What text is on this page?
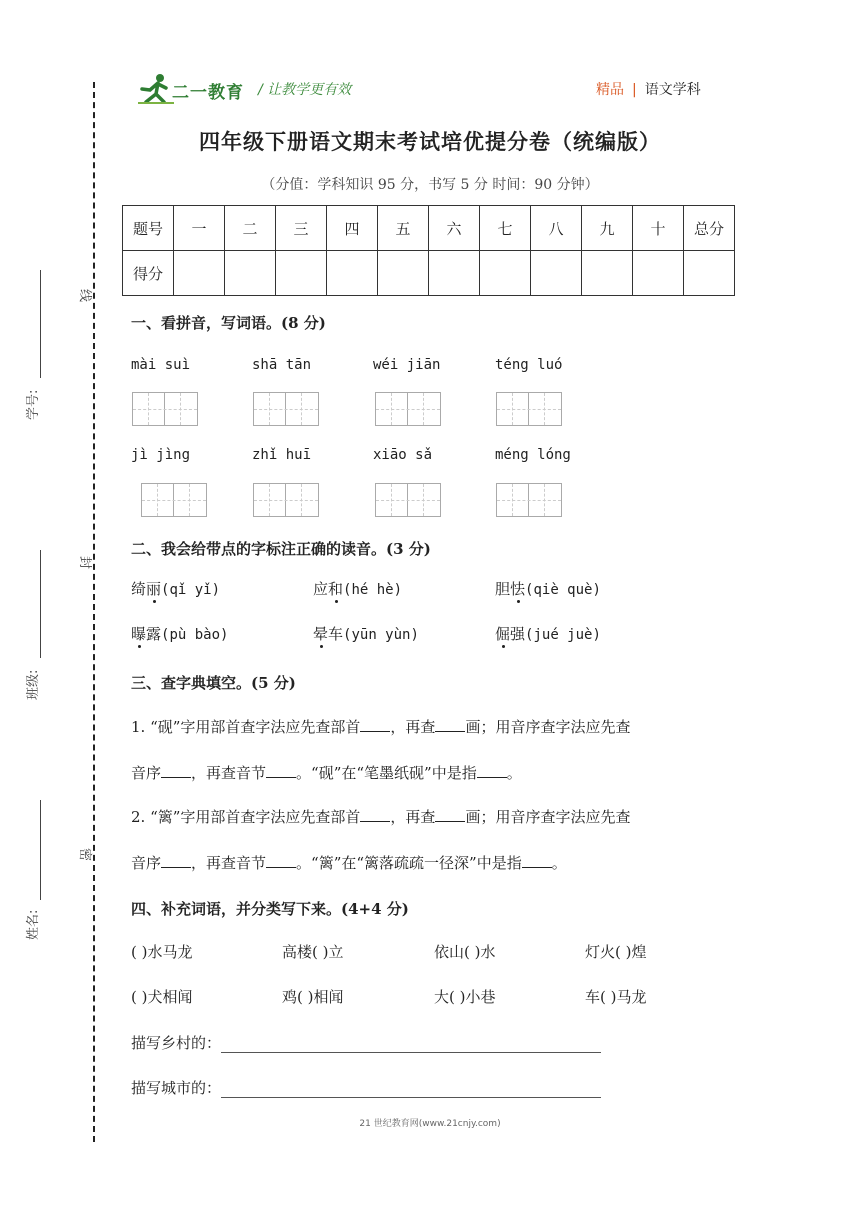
线
封
密
学号:
班级:
姓名:
二一教育 / 让教学更有效	精品 | 语文学科
四年级下册语文期末考试培优提分卷（统编版）
（分值：学科知识 95 分，书写 5 分 时间：90 分钟）
题号	一	二	三	四	五	六	七	八	九	十	总分
得分											
一、看拼音，写词语。(8 分)
mài suì	shā tān	wéi jiān	téng luó
jì jìng	zhǐ huī	xiāo sǎ	méng lóng
二、我会给带点的字标注正确的读音。(3 分)
绮丽(qǐ yǐ)	应和(hé hè)	胆怯(qiè què)
曝露(pù bào)	晕车(yūn yùn)	倔强(jué juè)
三、查字典填空。(5 分)
1. “砚”字用部首查字法应先查部首 ，再查 画；用音序查字法应先查
音序 ，再查音节 。“砚”在“笔墨纸砚”中是指 。
2. “篱”字用部首查字法应先查部首 ，再查 画；用音序查字法应先查
音序 ，再查音节 。“篱”在“篱落疏疏一径深”中是指 。
四、补充词语，并分类写下来。(4+4 分)
( )水马龙	高楼( )立	依山( )水	灯火( )煌
( )犬相闻	鸡( )相闻	大( )小巷	车( )马龙
描写乡村的：
描写城市的：
21 世纪教育网(www.21cnjy.com)
